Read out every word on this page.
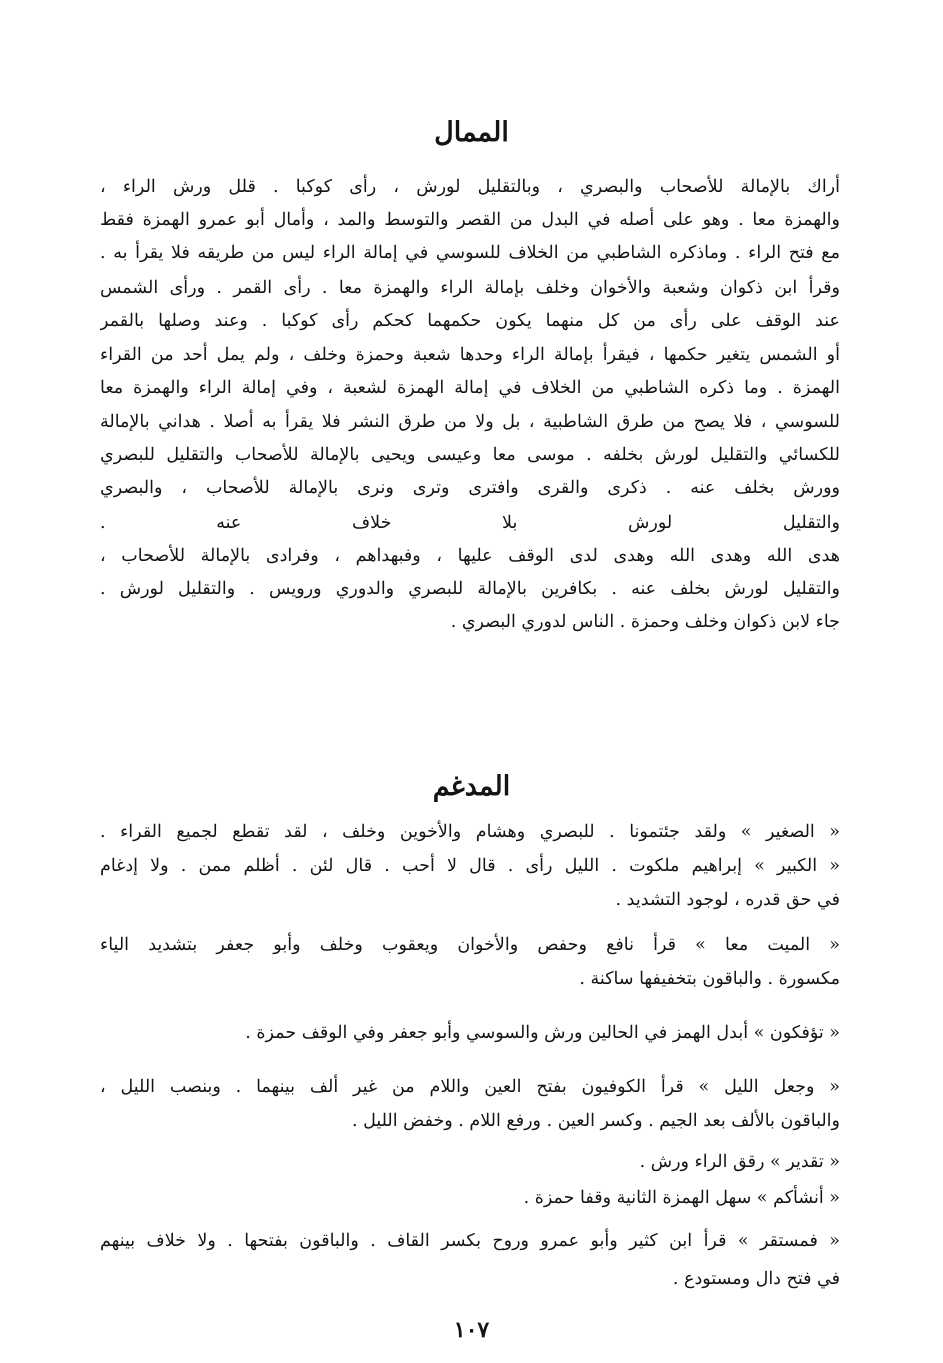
الممال

أراك بالإمالة للأصحاب والبصري ، وبالتقليل لورش ، رأى كوكبا . قلل ورش الراء ،

والهمزة معا . وهو على أصله في البدل من القصر والتوسط والمد ، وأمال أبو عمرو الهمزة فقط

مع فتح الراء . وماذكره الشاطبي من الخلاف للسوسي في إمالة الراء ليس من طريقه فلا يقرأ به .

وقرأ ابن ذكوان وشعبة والأخوان وخلف بإمالة الراء والهمزة معا . رأى القمر . ورأى الشمس

عند الوقف على رأى من كل منهما يكون حكمهما كحكم رأى كوكبا . وعند وصلها بالقمر

أو الشمس يتغير حكمها ، فيقرأ بإمالة الراء وحدها شعبة وحمزة وخلف ، ولم يمل أحد من القراء

الهمزة . وما ذكره الشاطبي من الخلاف في إمالة الهمزة لشعبة ، وفي إمالة الراء والهمزة معا

للسوسي ، فلا يصح من طرق الشاطبية ، بل ولا من طرق النشر فلا يقرأ به أصلا . هداني بالإمالة

للكسائي والتقليل لورش بخلفه . موسى معا وعيسى ويحيى بالإمالة للأصحاب والتقليل للبصري

وورش بخلف عنه . ذكرى والقرى وافترى وترى ونرى بالإمالة للأصحاب ، والبصري

والتقليل لورش بلا خلاف عنه .

هدى الله وهدى الله وهدى لدى الوقف عليها ، وفبهداهم ، وفرادى بالإمالة للأصحاب ،

والتقليل لورش بخلف عنه . بكافرين بالإمالة للبصري والدوري ورويس . والتقليل لورش .

جاء لابن ذكوان وخلف وحمزة . الناس لدوري البصري .

المدغم

« الصغير » ولقد جئتمونا . للبصري وهشام والأخوين وخلف ، لقد تقطع لجميع القراء .

« الكبير » إبراهيم ملكوت . الليل رأى . قال لا أحب . قال لئن . أظلم ممن . ولا إدغام

في حق قدره ، لوجود التشديد .

« الميت معا » قرأ نافع وحفص والأخوان ويعقوب وخلف وأبو جعفر بتشديد الياء

مكسورة . والباقون بتخفيفها ساكنة .

« تؤفكون » أبدل الهمز في الحالين ورش والسوسي وأبو جعفر وفي الوقف حمزة .

« وجعل الليل » قرأ الكوفيون بفتح العين واللام من غير ألف بينهما . وبنصب الليل ،

والباقون بالألف بعد الجيم . وكسر العين . ورفع اللام . وخفض الليل .

« تقدير » رقق الراء ورش .

« أنشأكم » سهل الهمزة الثانية وقفا حمزة .

« فمستقر » قرأ ابن كثير وأبو عمرو وروح بكسر القاف . والباقون بفتحها . ولا خلاف بينهم

في فتح دال ومستودع .

١٠٧
